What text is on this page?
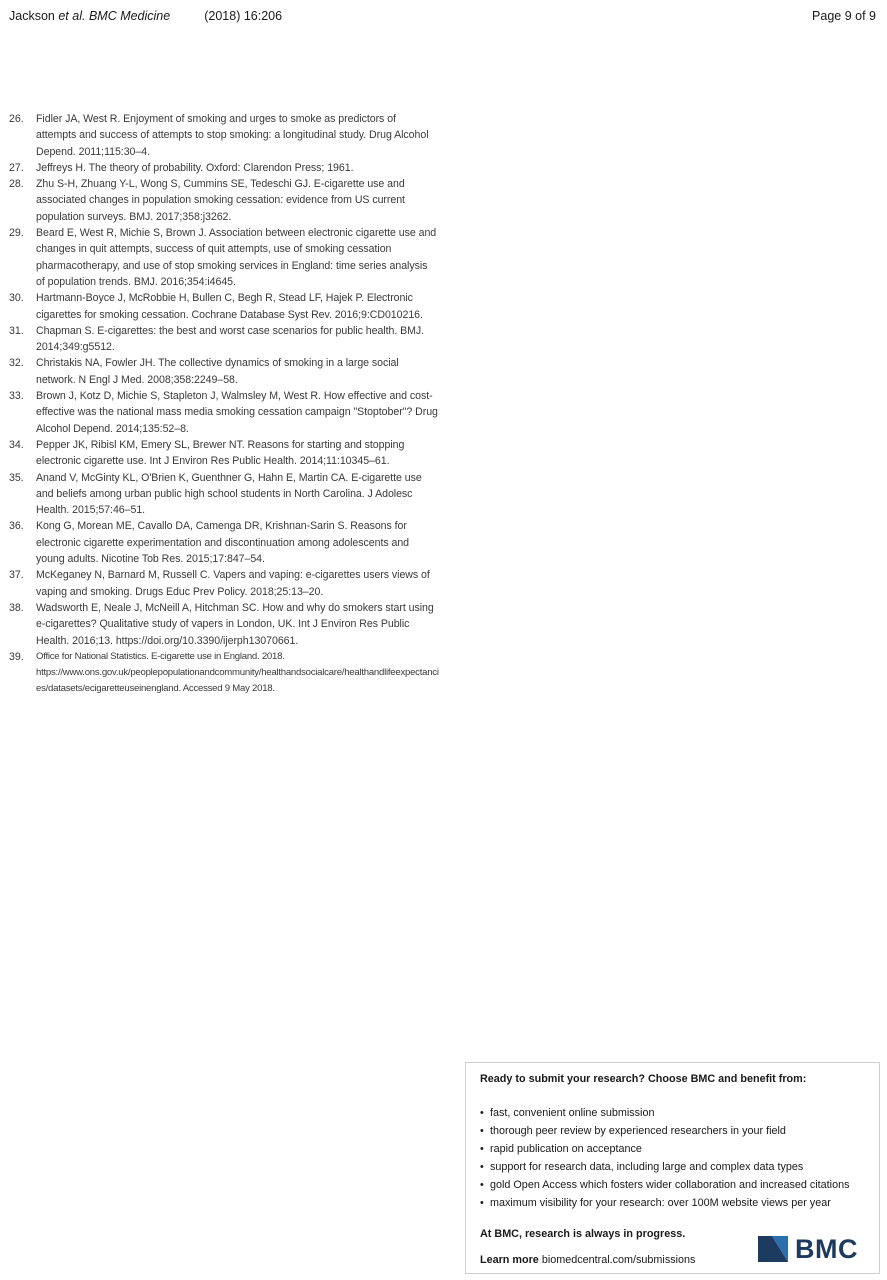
Jackson et al. BMC Medicine	(2018) 16:206	Page 9 of 9
26.	Fidler JA, West R. Enjoyment of smoking and urges to smoke as predictors of attempts and success of attempts to stop smoking: a longitudinal study. Drug Alcohol Depend. 2011;115:30–4.
27.	Jeffreys H. The theory of probability. Oxford: Clarendon Press; 1961.
28.	Zhu S-H, Zhuang Y-L, Wong S, Cummins SE, Tedeschi GJ. E-cigarette use and associated changes in population smoking cessation: evidence from US current population surveys. BMJ. 2017;358:j3262.
29.	Beard E, West R, Michie S, Brown J. Association between electronic cigarette use and changes in quit attempts, success of quit attempts, use of smoking cessation pharmacotherapy, and use of stop smoking services in England: time series analysis of population trends. BMJ. 2016;354:i4645.
30.	Hartmann-Boyce J, McRobbie H, Bullen C, Begh R, Stead LF, Hajek P. Electronic cigarettes for smoking cessation. Cochrane Database Syst Rev. 2016;9:CD010216.
31.	Chapman S. E-cigarettes: the best and worst case scenarios for public health. BMJ. 2014;349:g5512.
32.	Christakis NA, Fowler JH. The collective dynamics of smoking in a large social network. N Engl J Med. 2008;358:2249–58.
33.	Brown J, Kotz D, Michie S, Stapleton J, Walmsley M, West R. How effective and cost-effective was the national mass media smoking cessation campaign "Stoptober"? Drug Alcohol Depend. 2014;135:52–8.
34.	Pepper JK, Ribisl KM, Emery SL, Brewer NT. Reasons for starting and stopping electronic cigarette use. Int J Environ Res Public Health. 2014;11:10345–61.
35.	Anand V, McGinty KL, O'Brien K, Guenthner G, Hahn E, Martin CA. E-cigarette use and beliefs among urban public high school students in North Carolina. J Adolesc Health. 2015;57:46–51.
36.	Kong G, Morean ME, Cavallo DA, Camenga DR, Krishnan-Sarin S. Reasons for electronic cigarette experimentation and discontinuation among adolescents and young adults. Nicotine Tob Res. 2015;17:847–54.
37.	McKeganey N, Barnard M, Russell C. Vapers and vaping: e-cigarettes users views of vaping and smoking. Drugs Educ Prev Policy. 2018;25:13–20.
38.	Wadsworth E, Neale J, McNeill A, Hitchman SC. How and why do smokers start using e-cigarettes? Qualitative study of vapers in London, UK. Int J Environ Res Public Health. 2016;13. https://doi.org/10.3390/ijerph13070661.
39.	Office for National Statistics. E-cigarette use in England. 2018. https://www.ons.gov.uk/peoplepopulationandcommunity/healthandsocialcare/healthandlifeexpectancies/datasets/ecigaretteuseinengland. Accessed 9 May 2018.
Ready to submit your research? Choose BMC and benefit from:
• fast, convenient online submission
• thorough peer review by experienced researchers in your field
• rapid publication on acceptance
• support for research data, including large and complex data types
• gold Open Access which fosters wider collaboration and increased citations
• maximum visibility for your research: over 100M website views per year
At BMC, research is always in progress.
Learn more biomedcentral.com/submissions	BMC
